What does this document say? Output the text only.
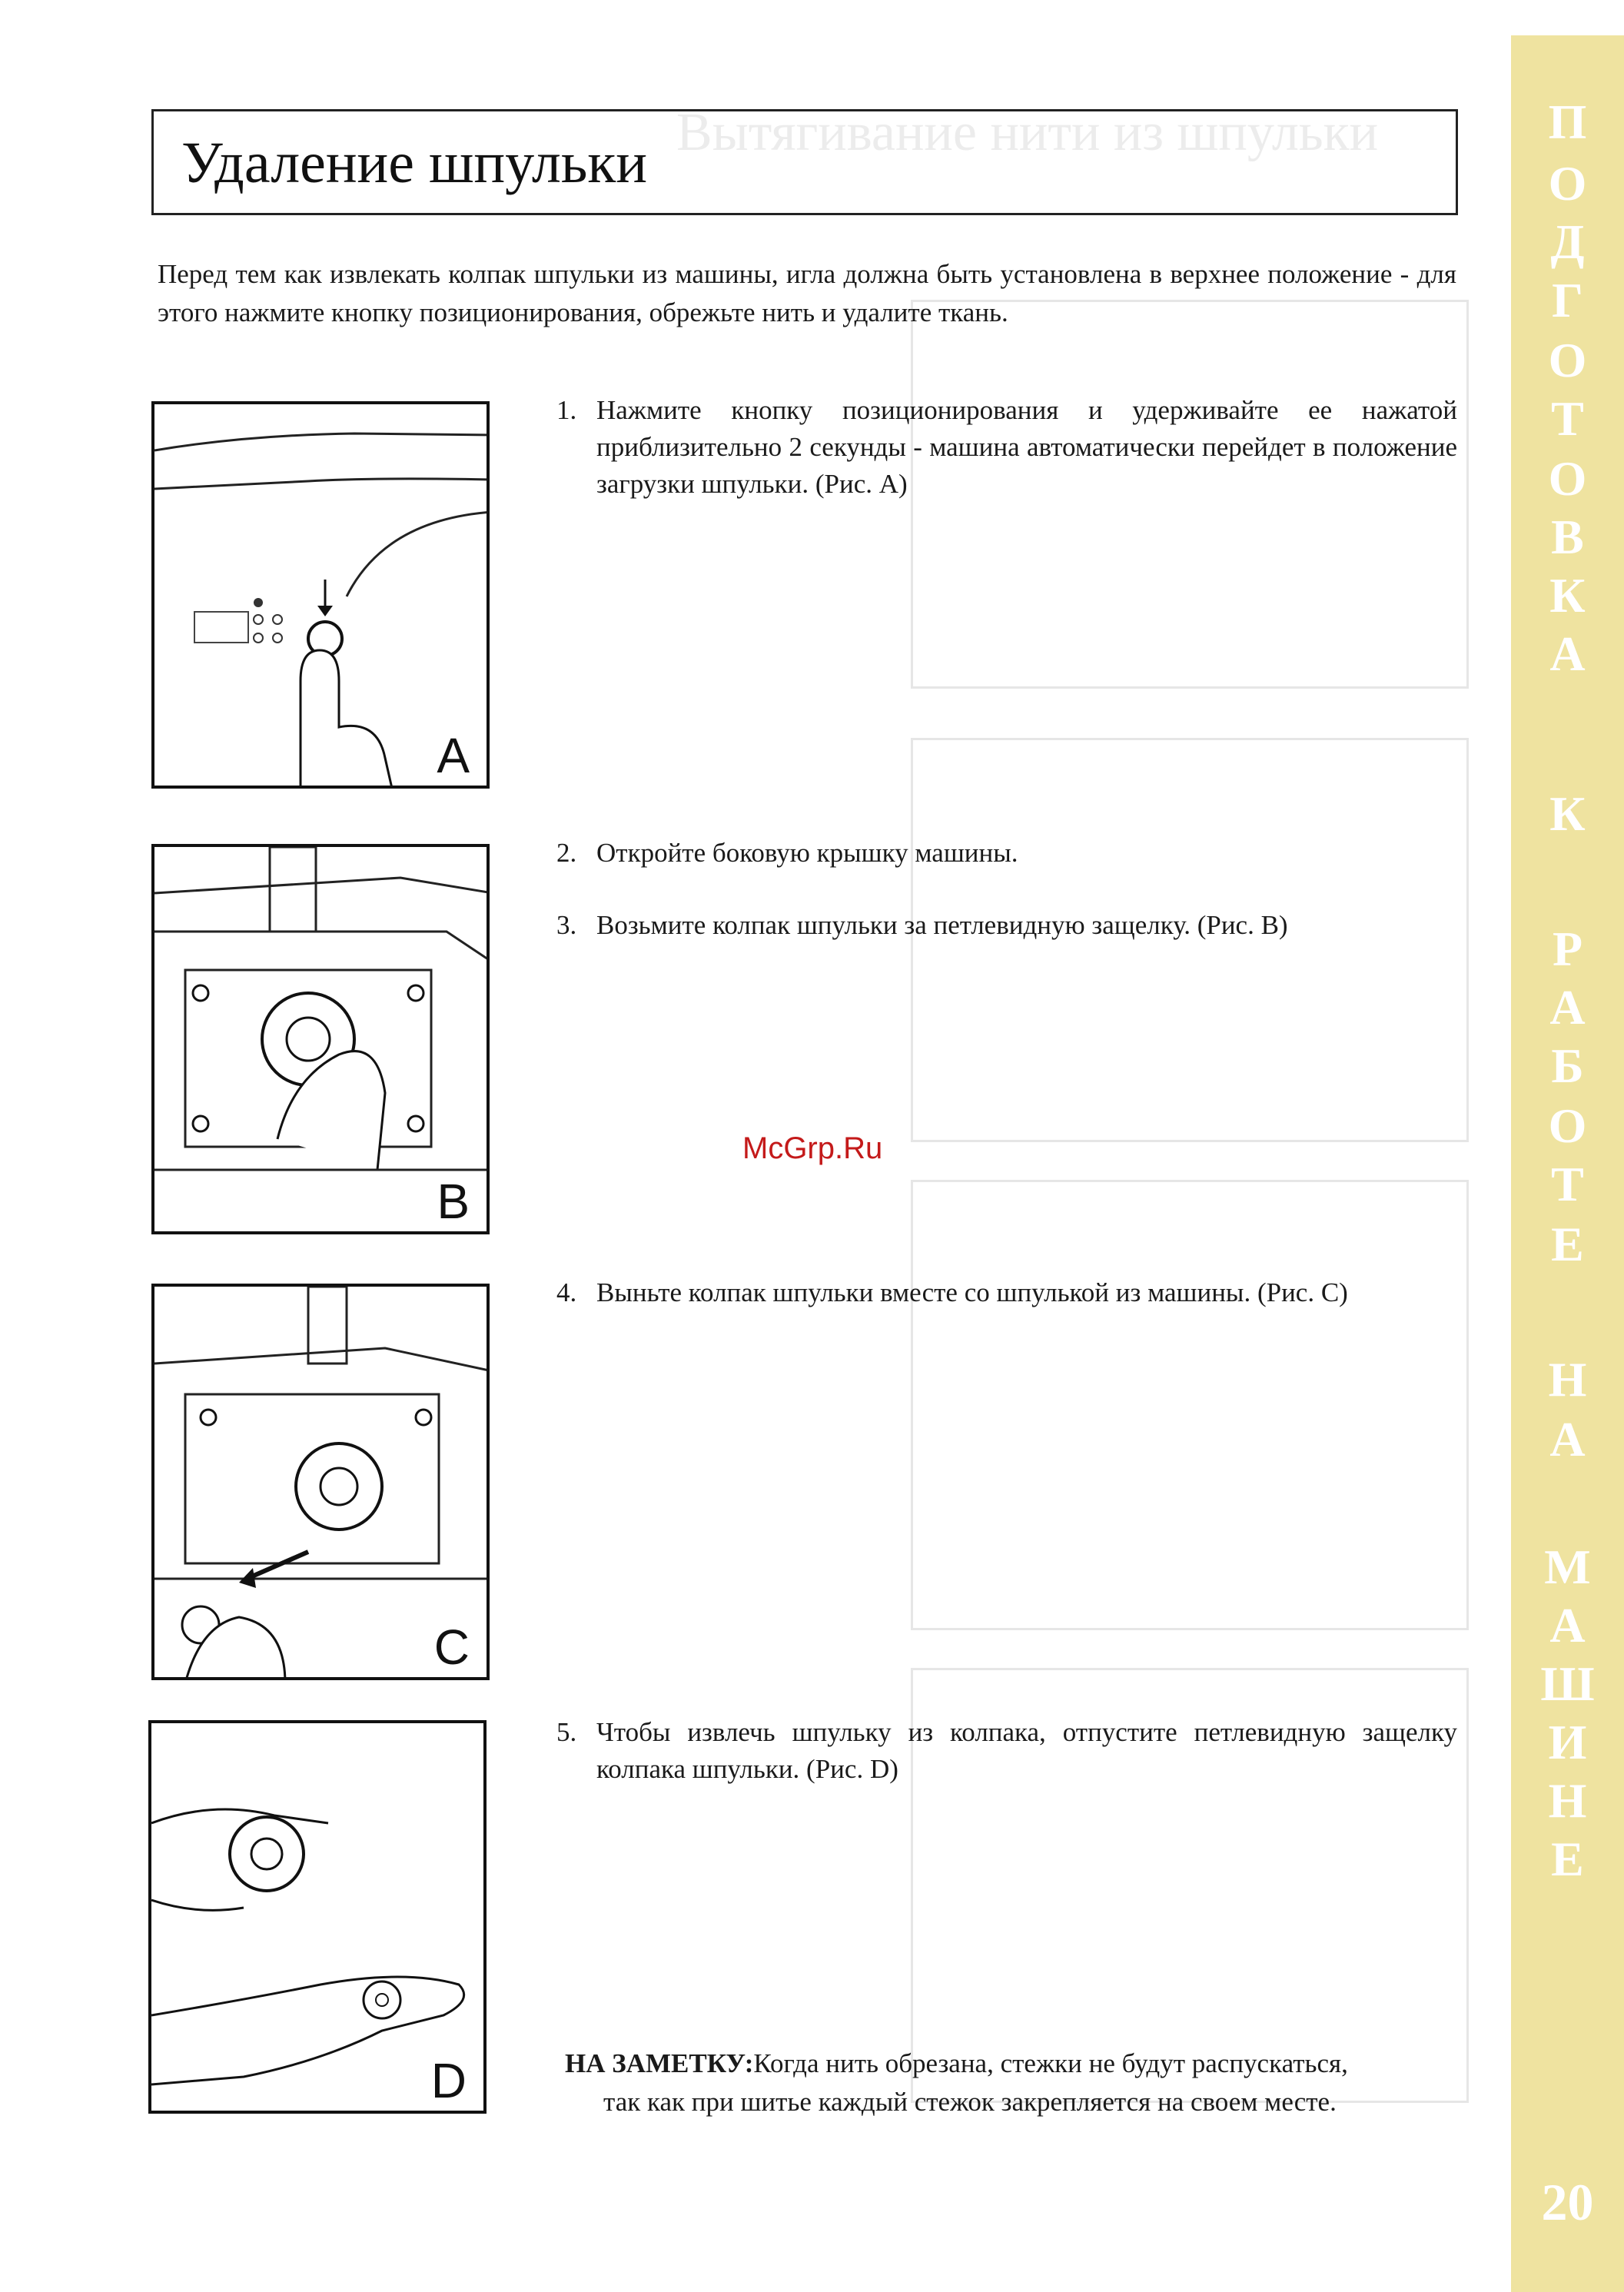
Вытягивание нити из шпульки
Удаление шпульки
Перед тем как извлекать колпак шпульки из машины, игла должна быть установлена в верхнее положение - для этого нажмите кнопку позиционирования, обрежьте нить и удалите ткань.
A
B
C
D
1. Нажмите кнопку позиционирования и удерживайте ее нажатой приблизительно 2 секунды - машина автоматически перейдет в положение загрузки шпульки. (Рис. А)
2. Откройте боковую крышку машины.
3. Возьмите колпак шпульки за петлевидную защелку. (Рис. В)
4. Выньте колпак шпульки вместе со шпулькой из машины. (Рис. С)
5. Чтобы извлечь шпульку из колпака, отпустите петлевидную защелку колпака шпульки. (Рис. D)
McGrp.Ru
НА ЗАМЕТКУ:Когда нить обрезана, стежки не будут распускаться,
так как при шитье каждый стежок закрепляется на своем месте.
П
О
Д
Г
О
Т
О
В
К
А
К
Р
А
Б
О
Т
Е
Н
А
М
А
Ш
И
Н
Е
20
